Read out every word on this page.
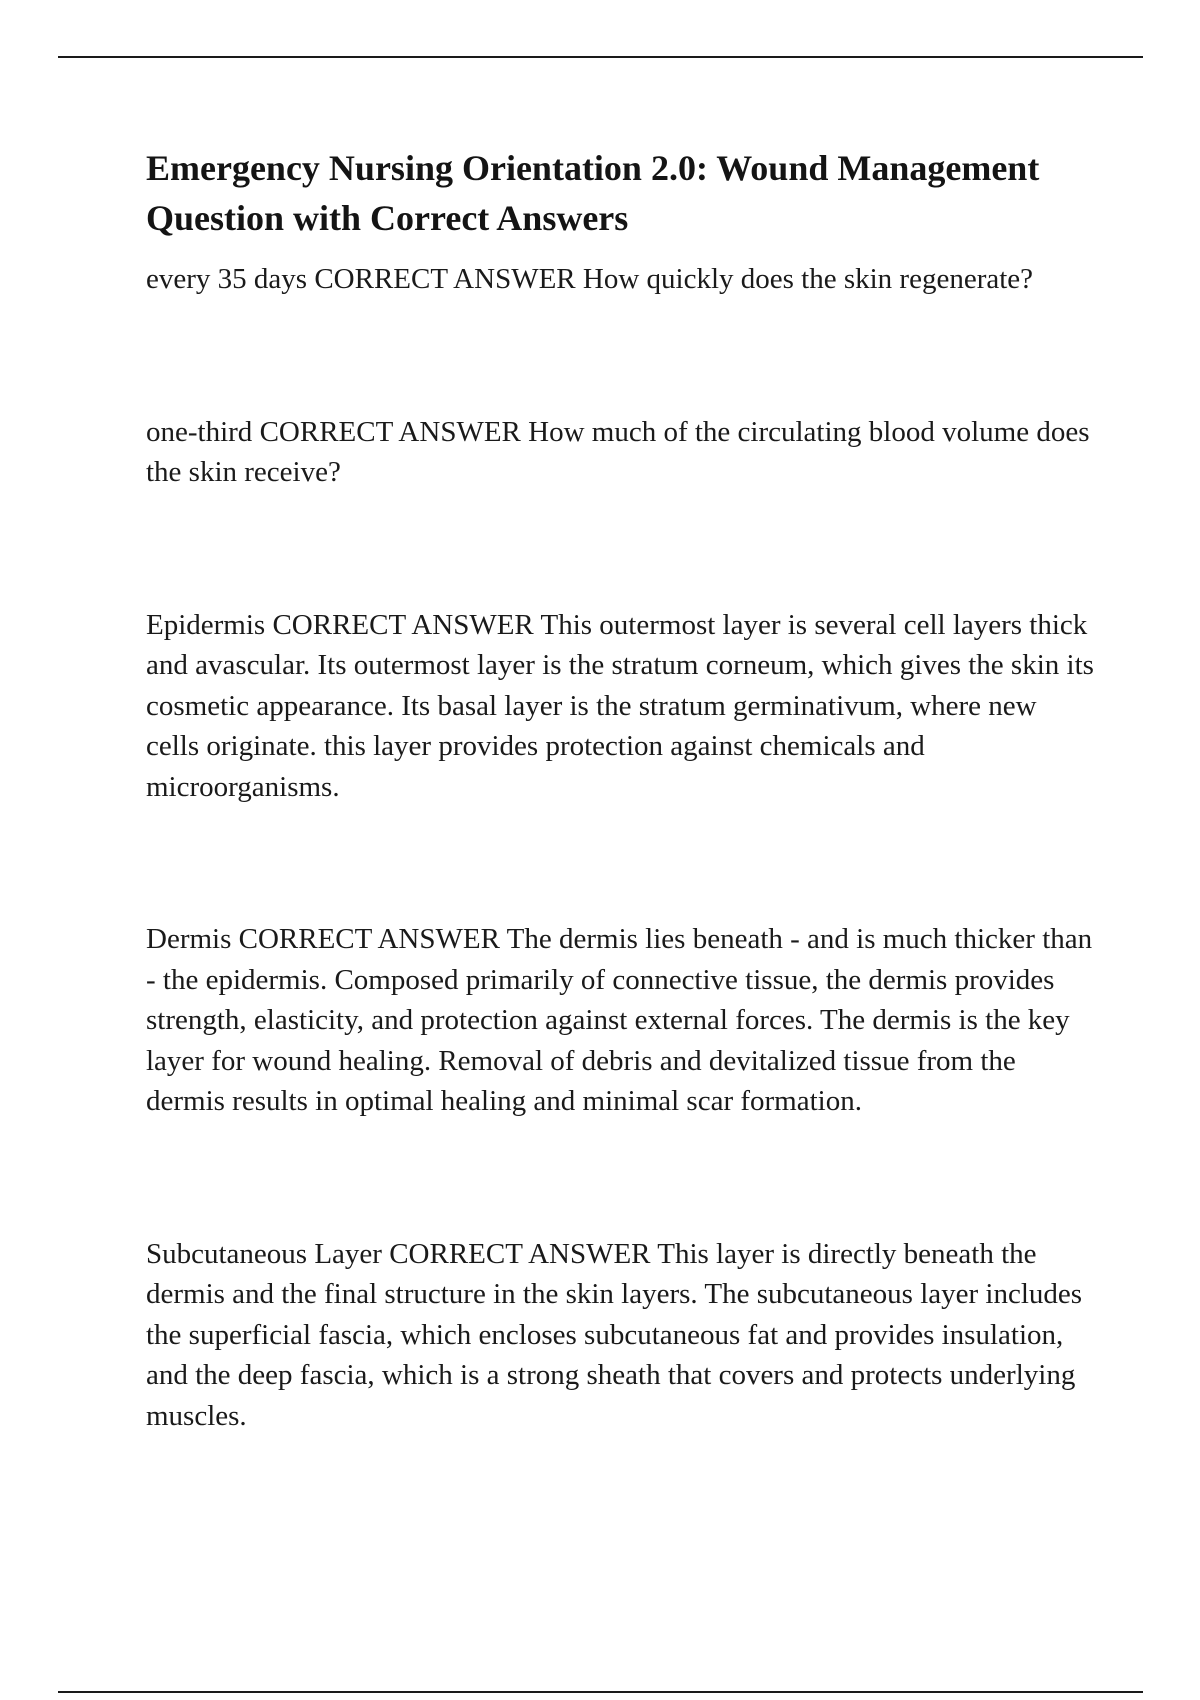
Emergency Nursing Orientation 2.0: Wound Management Question with Correct Answers

every 35 days CORRECT ANSWER How quickly does the skin regenerate?

one-third CORRECT ANSWER How much of the circulating blood volume does the skin receive?

Epidermis CORRECT ANSWER This outermost layer is several cell layers thick and avascular. Its outermost layer is the stratum corneum, which gives the skin its cosmetic appearance. Its basal layer is the stratum germinativum, where new cells originate. this layer provides protection against chemicals and microorganisms.

Dermis CORRECT ANSWER The dermis lies beneath - and is much thicker than - the epidermis. Composed primarily of connective tissue, the dermis provides strength, elasticity, and protection against external forces. The dermis is the key layer for wound healing. Removal of debris and devitalized tissue from the dermis results in optimal healing and minimal scar formation.

Subcutaneous Layer CORRECT ANSWER This layer is directly beneath the dermis and the final structure in the skin layers. The subcutaneous layer includes the superficial fascia, which encloses subcutaneous fat and provides insulation, and the deep fascia, which is a strong sheath that covers and protects underlying muscles.
